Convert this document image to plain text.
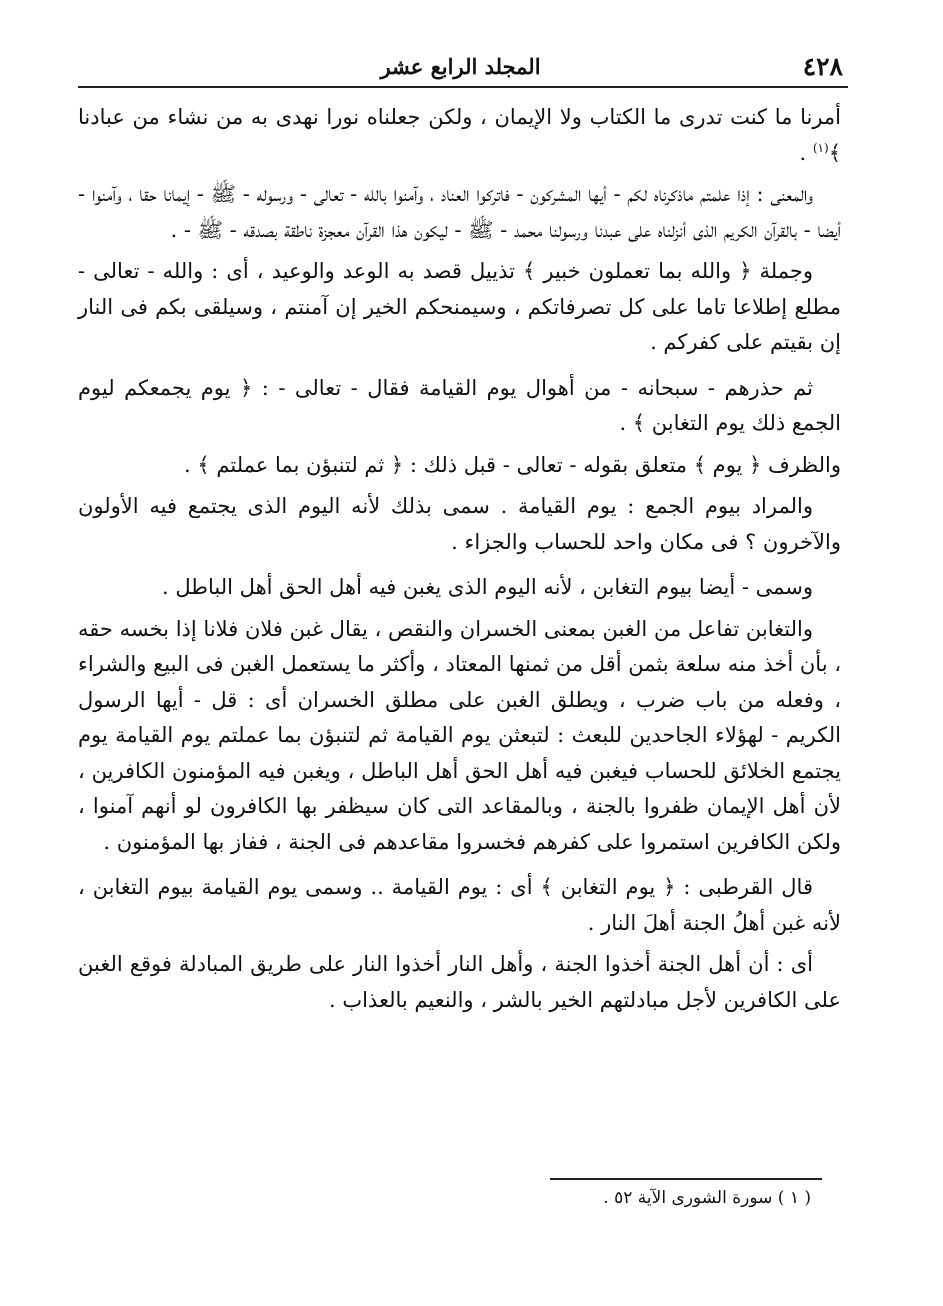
٤٢٨
المجلد الرابع عشر

أمرنا ما كنت تدرى ما الكتاب ولا الإيمان ، ولكن جعلناه نورا نهدى به من نشاء من عبادنا ﴾$^{(١)}$ .

والمعنى : إذا علمتم ماذكرناه لكم - أيها المشركون - فاتركوا العناد ، وآمنوا بالله - تعالى - ورسوله - ﷺ - إيمانا حقا ، وآمنوا - أيضا - بالقرآن الكريم الذى أنزلناه على عبدنا ورسولنا محمد - ﷺ - ليكون هذا القرآن معجزة ناطقة بصدقه - ﷺ - .

وجملة ﴿ والله بما تعملون خبير ﴾ تذييل قصد به الوعد والوعيد ، أى : والله - تعالى - مطلع إطلاعا تاما على كل تصرفاتكم ، وسيمنحكم الخير إن آمنتم ، وسيلقى بكم فى النار إن بقيتم على كفركم .

ثم حذرهم - سبحانه - من أهوال يوم القيامة فقال - تعالى - : ﴿ يوم يجمعكم ليوم الجمع ذلك يوم التغابن ﴾ .

والظرف ﴿ يوم ﴾ متعلق بقوله - تعالى - قبل ذلك : ﴿ ثم لتنبؤن بما عملتم ﴾ .

والمراد بيوم الجمع : يوم القيامة . سمى بذلك لأنه اليوم الذى يجتمع فيه الأولون والآخرون ؟ فى مكان واحد للحساب والجزاء .

وسمى - أيضا بيوم التغابن ، لأنه اليوم الذى يغبن فيه أهل الحق أهل الباطل .

والتغابن تفاعل من الغبن بمعنى الخسران والنقص ، يقال غبن فلان فلانا إذا بخسه حقه ، بأن أخذ منه سلعة بثمن أقل من ثمنها المعتاد ، وأكثر ما يستعمل الغبن فى البيع والشراء ، وفعله من باب ضرب ، ويطلق الغبن على مطلق الخسران أى : قل - أيها الرسول الكريم - لهؤلاء الجاحدين للبعث : لتبعثن يوم القيامة ثم لتنبؤن بما عملتم يوم القيامة يوم يجتمع الخلائق للحساب فيغبن فيه أهل الحق أهل الباطل ، ويغبن فيه المؤمنون الكافرين ، لأن أهل الإيمان ظفروا بالجنة ، وبالمقاعد التى كان سيظفر بها الكافرون لو أنهم آمنوا ، ولكن الكافرين استمروا على كفرهم فخسروا مقاعدهم فى الجنة ، ففاز بها المؤمنون .

قال القرطبى : ﴿ يوم التغابن ﴾ أى : يوم القيامة .. وسمى يوم القيامة بيوم التغابن ، لأنه غبن أهلُ الجنة أهلَ النار .

أى : أن أهل الجنة أخذوا الجنة ، وأهل النار أخذوا النار على طريق المبادلة فوقع الغبن على الكافرين لأجل مبادلتهم الخير بالشر ، والنعيم بالعذاب .

( ١ ) سورة الشورى الآية ٥٢ .
